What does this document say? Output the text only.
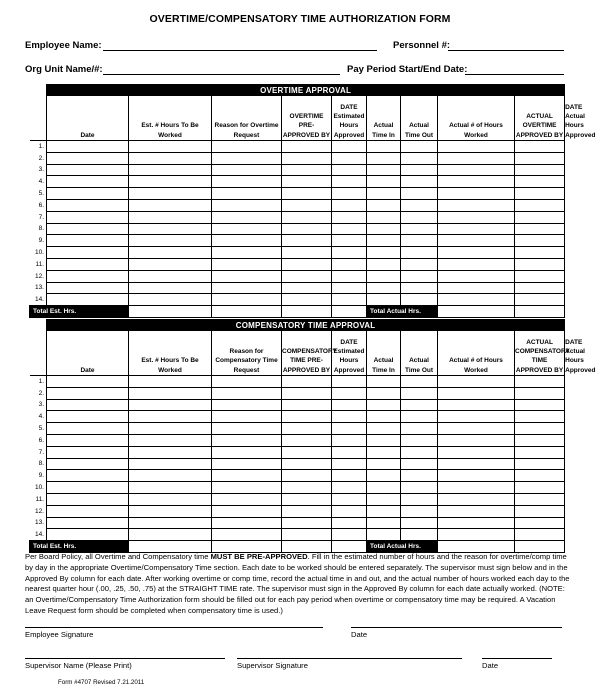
OVERTIME/COMPENSATORY TIME AUTHORIZATION FORM
Employee Name:	Personnel #:
Org Unit Name/#:	Pay Period Start/End Date:
	OVERTIME APPROVAL									
	Date	Est. # Hours To Be Worked	Reason for Overtime Request	OVERTIME PRE-APPROVED BY	DATE Estimated Hours Approved	Actual Time In	Actual Time Out	Actual # of Hours Worked	ACTUAL OVERTIME APPROVED BY	DATE Actual Hours Approved
1.										
2.										
3.										
4.										
5.										
6.										
7.										
8.										
9.										
10.										
11.										
12.										
13.										
14.										
Total Est. Hrs.						Total Actual Hrs.				
	COMPENSATORY TIME APPROVAL									
	Date	Est. # Hours To Be Worked	Reason for Compensatory Time Request	COMPENSATORY TIME PRE-APPROVED BY	DATE Estimated Hours Approved	Actual Time In	Actual Time Out	Actual # of Hours Worked	ACTUAL COMPENSATORY TIME APPROVED BY	DATE Actual Hours Approved
1.										
2.										
3.										
4.										
5.										
6.										
7.										
8.										
9.										
10.										
11.										
12.										
13.										
14.										
Total Est. Hrs.						Total Actual Hrs.				
Per Board Policy, all Overtime and Compensatory time MUST BE PRE-APPROVED. Fill in the estimated number of hours and the reason for overtime/comp time by day in the appropriate Overtime/Compensatory Time section. Each date to be worked should be entered separately. The supervisor must sign below and in the Approved By column for each date. After working overtime or comp time, record the actual time in and out, and the actual number of hours worked each day to the nearest quarter hour (.00, .25, .50, .75) at the STRAIGHT TIME rate. The supervisor must sign in the Approved By column for each date actually worked. (NOTE: an Overtime/Compensatory Time Authorization form should be filled out for each pay period when overtime or compensatory time may be required. A Vacation Leave Request form should be completed when compensatory time is used.)
Employee Signature	Date
Supervisor Name (Please Print)	Supervisor Signature	Date
Form #4707 Revised 7.21.2011
